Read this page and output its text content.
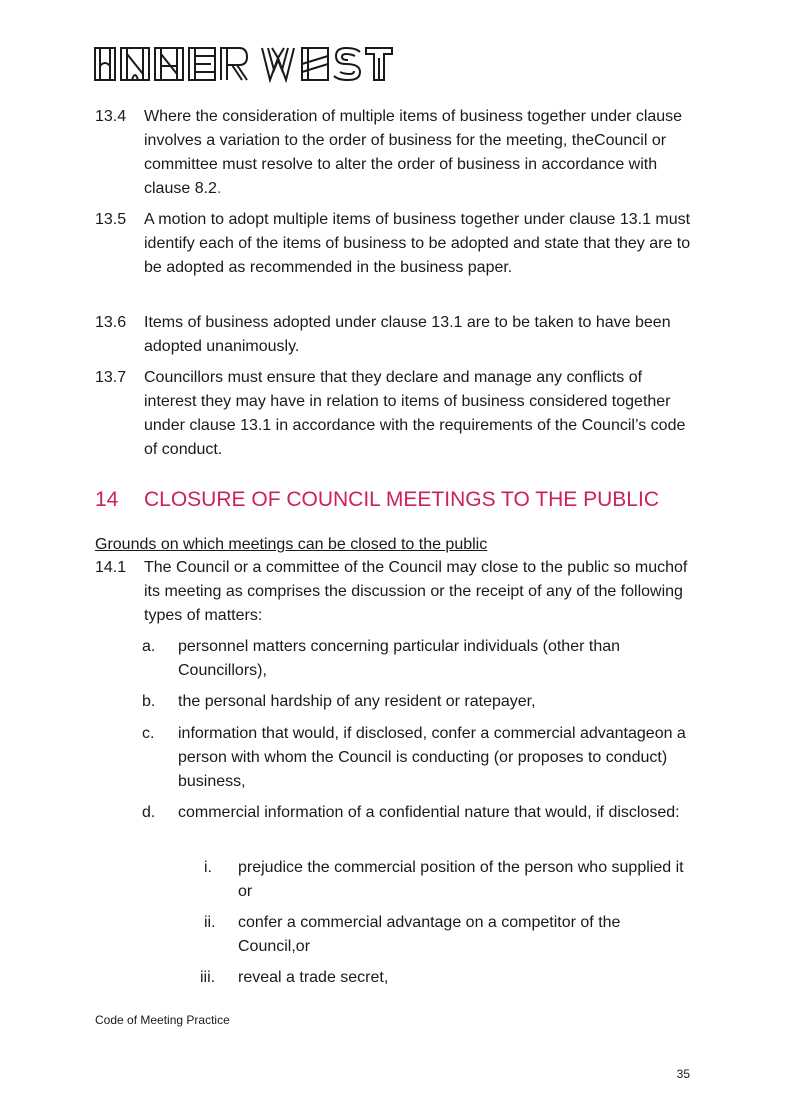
13.4	Where the consideration of multiple items of business together under clause involves a variation to the order of business for the meeting, theCouncil or committee must resolve to alter the order of business in accordance with clause 8.2.
13.5	A motion to adopt multiple items of business together under clause 13.1 must identify each of the items of business to be adopted and state that they are to be adopted as recommended in the business paper.
13.6	Items of business adopted under clause 13.1 are to be taken to have been adopted unanimously.
13.7	Councillors must ensure that they declare and manage any conflicts of interest they may have in relation to items of business considered together under clause 13.1 in accordance with the requirements of the Council’s code of conduct.
14 CLOSURE OF COUNCIL MEETINGS TO THE PUBLIC
Grounds on which meetings can be closed to the public
14.1	The Council or a committee of the Council may close to the public so muchof its meeting as comprises the discussion or the receipt of any of the following types of matters:
a. personnel matters concerning particular individuals (other than Councillors),
b. the personal hardship of any resident or ratepayer,
c. information that would, if disclosed, confer a commercial advantageon a person with whom the Council is conducting (or proposes to conduct) business,
d. commercial information of a confidential nature that would, if disclosed:
i. prejudice the commercial position of the person who supplied it or
ii. confer a commercial advantage on a competitor of the Council,or
iii. reveal a trade secret,
Code of Meeting Practice
35
